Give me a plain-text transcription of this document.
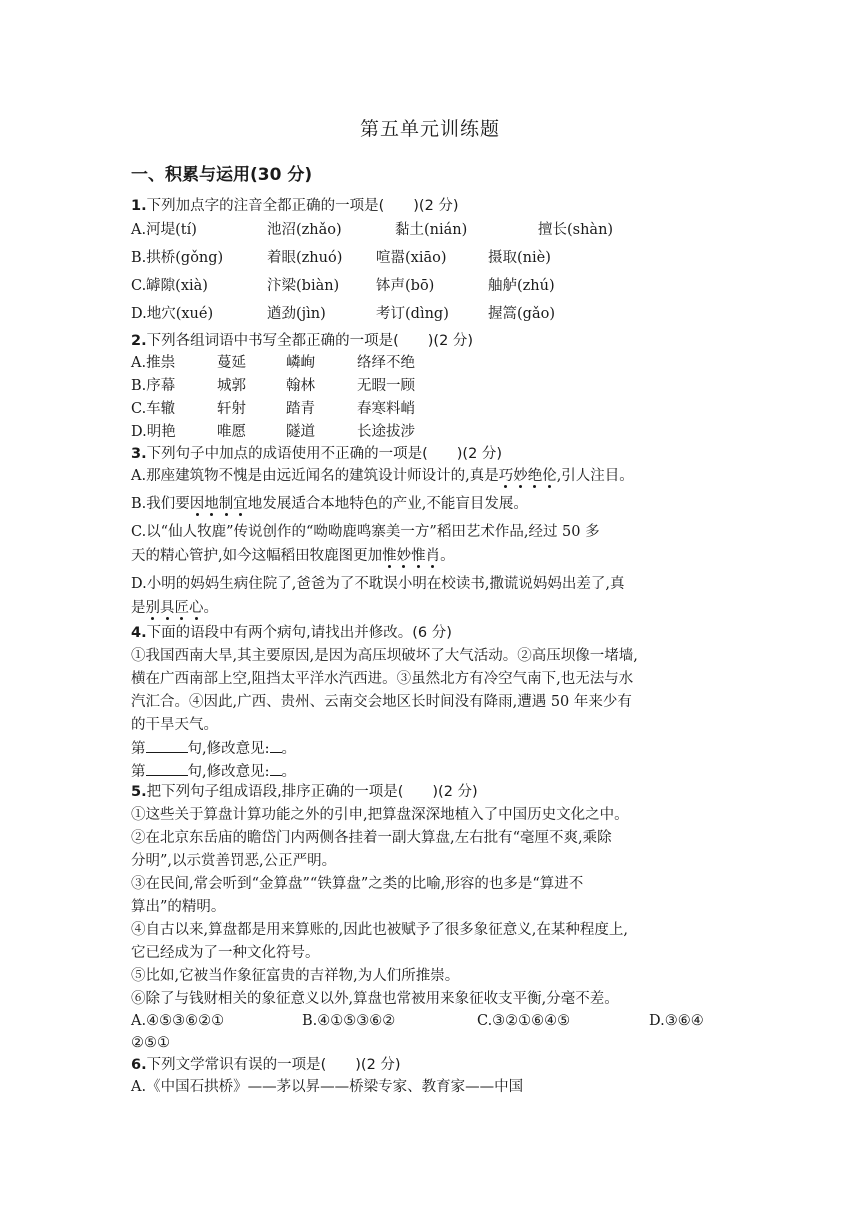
第五单元训练题
一、积累与运用(30 分)
1.下列加点字的注音全都正确的一项是(　　)(2 分)
A.河堤(tí)	池沼(zhǎo)	黏土(nián)	擅长(shàn)
B.拱桥(gǒng)	着眼(zhuó) 喧嚣(xiāo)	摄取(niè)
C.罅隙(xià)	汴梁(biàn)	钵声(bō)	舳舻(zhú)
D.地穴(xué)	遒劲(jìn)	考订(dìng)	握篙(gǎo)
2.下列各组词语中书写全都正确的一项是(　　)(2 分)
A.推祟	蔓延	嶙峋	络绎不绝
B.序幕	城郭	翰林	无暇一顾
C.车辙	轩射	踏青	春寒料峭
D.明艳	唯愿	隧道	长途拔涉
3.下列句子中加点的成语使用不正确的一项是(　　)(2 分)
A.那座建筑物不愧是由远近闻名的建筑设计师设计的,真是巧妙绝伦,引人注目。
B.我们要因地制宜地发展适合本地特色的产业,不能盲目发展。
C.以“仙人牧鹿”传说创作的“呦呦鹿鸣寨美一方”稻田艺术作品,经过 50 多
天的精心管护,如今这幅稻田牧鹿图更加惟妙惟肖。
D.小明的妈妈生病住院了,爸爸为了不耽误小明在校读书,撒谎说妈妈出差了,真
是别具匠心。
4.下面的语段中有两个病句,请找出并修改。(6 分)
①我国西南大旱,其主要原因,是因为高压坝破坏了大气活动。②高压坝像一堵墙,
横在广西南部上空,阻挡太平洋水汽西进。③虽然北方有冷空气南下,也无法与水
汽汇合。④因此,广西、贵州、云南交会地区长时间没有降雨,遭遇 50 年来少有
的干旱天气。
第	句,修改意见: 。
第	句,修改意见: 。
5.把下列句子组成语段,排序正确的一项是(　　)(2 分)
①这些关于算盘计算功能之外的引申,把算盘深深地植入了中国历史文化之中。
②在北京东岳庙的瞻岱门内两侧各挂着一副大算盘,左右批有“毫厘不爽,乘除
分明”,以示赏善罚恶,公正严明。
③在民间,常会听到“金算盘”“铁算盘”之类的比喻,形容的也多是“算进不
算出”的精明。
④自古以来,算盘都是用来算账的,因此也被赋予了很多象征意义,在某种程度上,
它已经成为了一种文化符号。
⑤比如,它被当作象征富贵的吉祥物,为人们所推崇。
⑥除了与钱财相关的象征意义以外,算盘也常被用来象征收支平衡,分毫不差。
A.④⑤③⑥②①	B.④①⑤③⑥②	C.③②①⑥④⑤	D.③⑥④
②⑤①
6.下列文学常识有误的一项是(　　)(2 分)
A.《中国石拱桥》——茅以昇——桥梁专家、教育家——中国
